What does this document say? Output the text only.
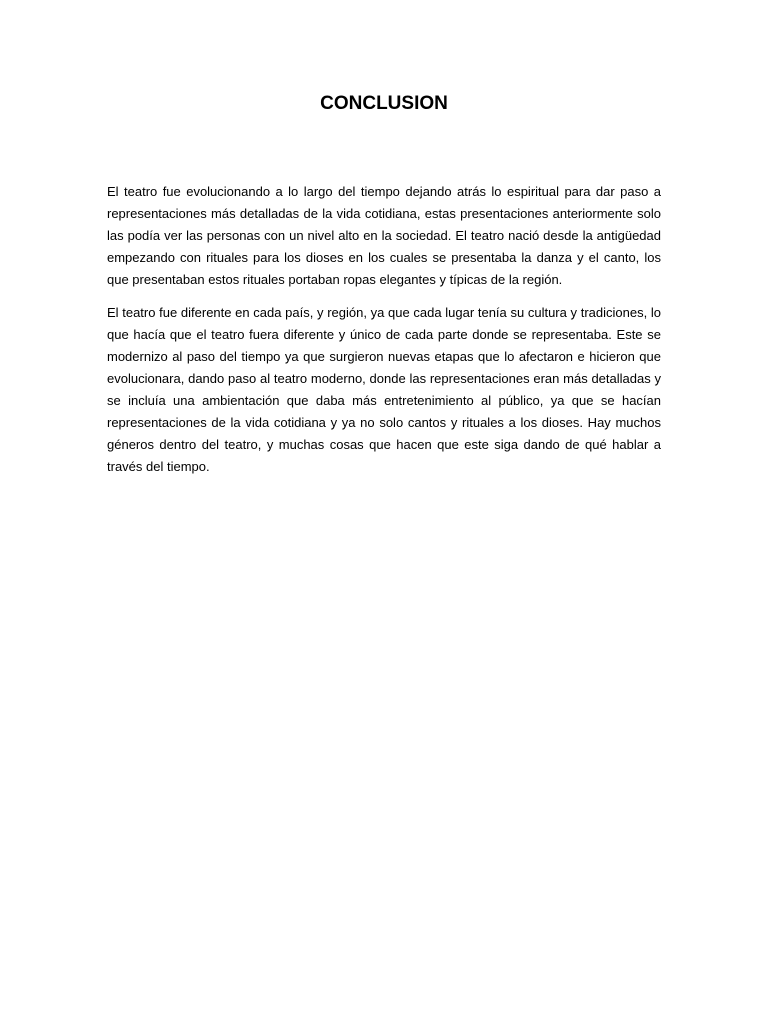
CONCLUSION

El teatro fue evolucionando a lo largo del tiempo dejando atrás lo espiritual para dar paso a representaciones más detalladas de la vida cotidiana, estas presentaciones anteriormente solo las podía ver las personas con un nivel alto en la sociedad. El teatro nació desde la antigüedad empezando con rituales para los dioses en los cuales se presentaba la danza y el canto, los que presentaban estos rituales portaban ropas elegantes y típicas de la región.

El teatro fue diferente en cada país, y región, ya que cada lugar tenía su cultura y tradiciones, lo que hacía que el teatro fuera diferente y único de cada parte donde se representaba. Este se modernizo al paso del tiempo ya que surgieron nuevas etapas que lo afectaron e hicieron que evolucionara, dando paso al teatro moderno, donde las representaciones eran más detalladas y se incluía una ambientación que daba más entretenimiento al público, ya que se hacían representaciones de la vida cotidiana y ya no solo cantos y rituales a los dioses. Hay muchos géneros dentro del teatro, y muchas cosas que hacen que este siga dando de qué hablar a través del tiempo.
